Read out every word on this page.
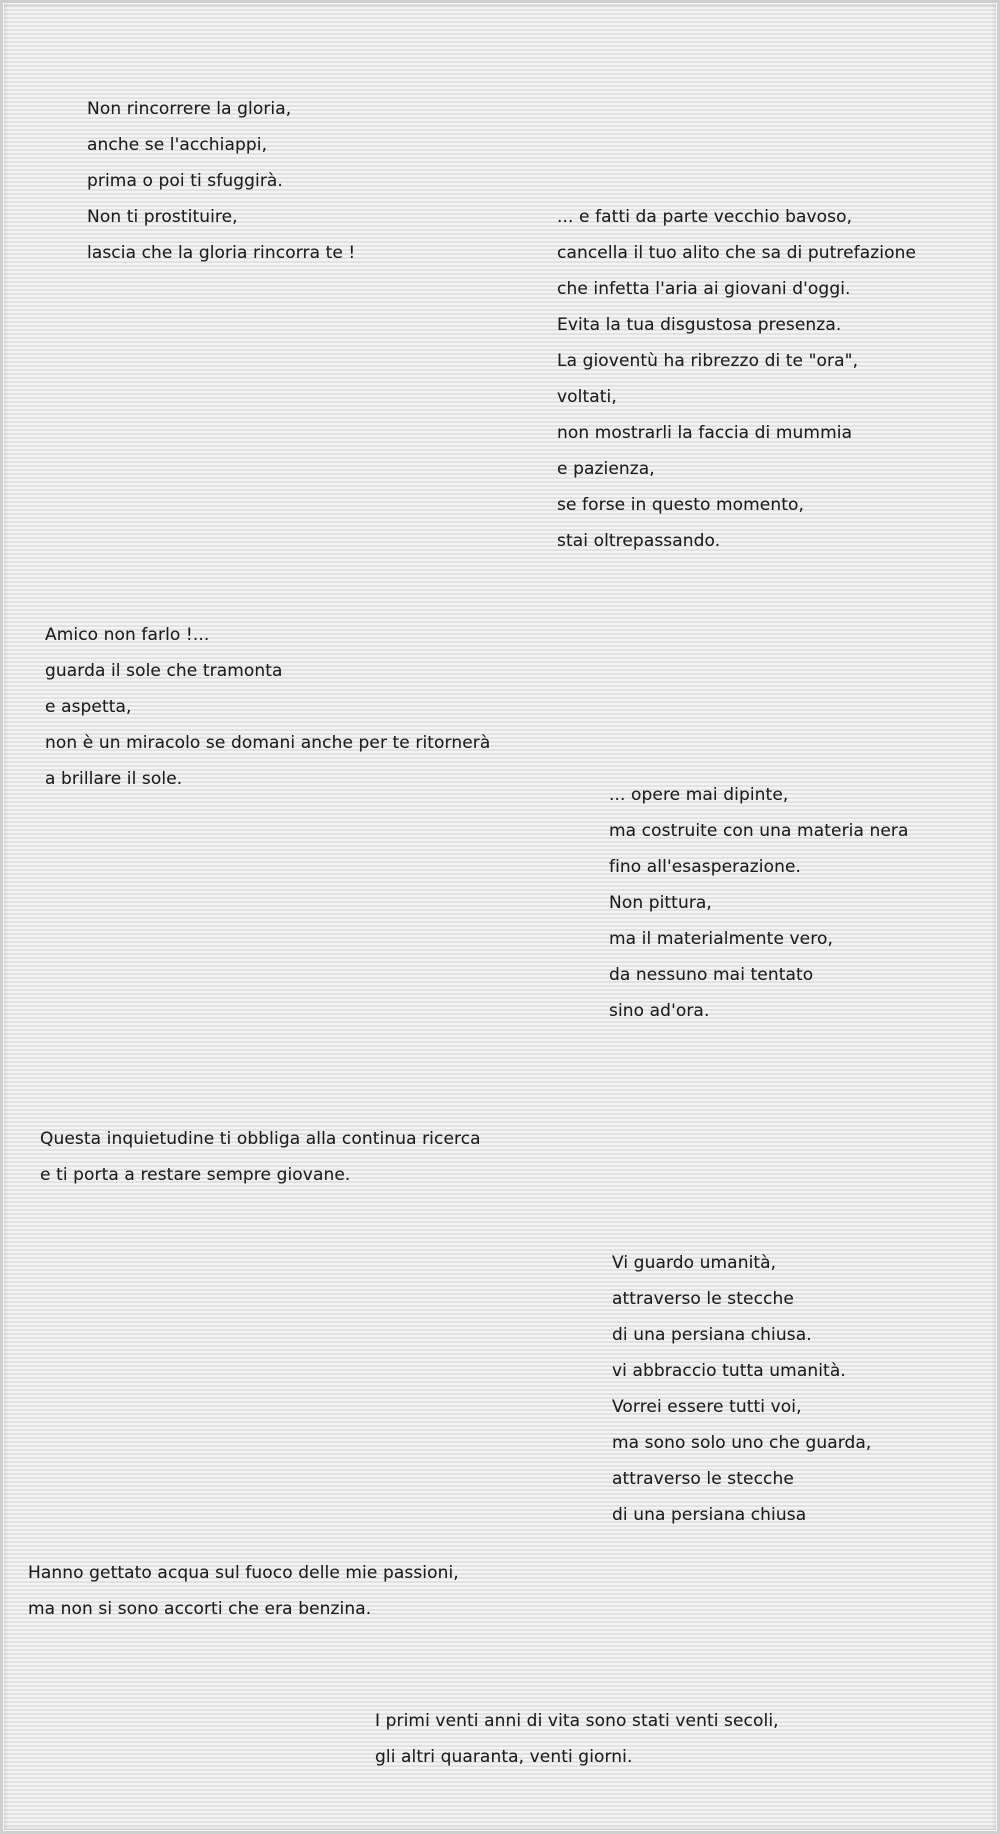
Non rincorrere la gloria,
anche se l'acchiappi,
prima o poi ti sfuggirà.
Non ti prostituire,
lascia che la gloria rincorra te !
... e fatti da parte vecchio bavoso,
cancella il tuo alito che sa di putrefazione
che infetta l'aria ai giovani d'oggi.
Evita la tua disgustosa presenza.
La gioventù ha ribrezzo di te "ora",
voltati,
non mostrarli la faccia di mummia
e pazienza,
se forse in questo momento,
stai oltrepassando.
Amico non farlo !...
guarda il sole che tramonta
e aspetta,
non è un miracolo se domani anche per te ritornerà
a brillare il sole.
... opere mai dipinte,
ma costruite con una materia nera
fino all'esasperazione.
Non pittura,
ma il materialmente vero,
da nessuno mai tentato
sino ad'ora.
Questa inquietudine ti obbliga alla continua ricerca
e ti porta a restare sempre giovane.
Vi guardo umanità,
attraverso le stecche
di una persiana chiusa.
vi abbraccio tutta umanità.
Vorrei essere tutti voi,
ma sono solo uno che guarda,
attraverso le stecche
di una persiana chiusa
Hanno gettato acqua sul fuoco delle mie passioni,
ma non si sono accorti che era benzina.
I primi venti anni di vita sono stati venti secoli,
gli altri quaranta, venti giorni.
